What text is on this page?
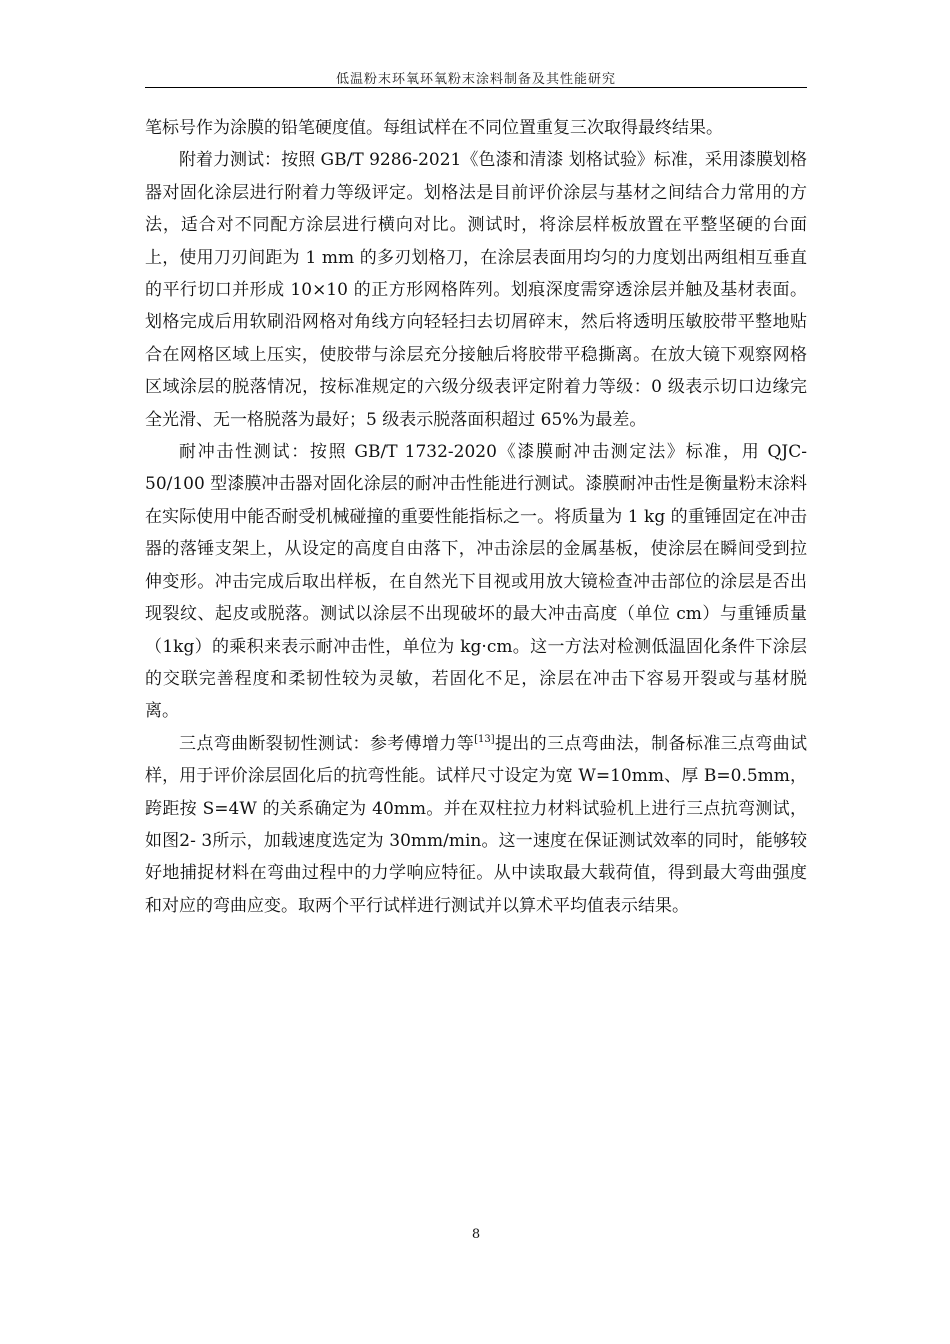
低温粉末环氧环氧粉末涂料制备及其性能研究

笔标号作为涂膜的铅笔硬度值。每组试样在不同位置重复三次取得最终结果。

附着力测试：按照 GB/T 9286-2021《色漆和清漆 划格试验》标准，采用漆膜划格器对固化涂层进行附着力等级评定。划格法是目前评价涂层与基材之间结合力常用的方法，适合对不同配方涂层进行横向对比。测试时，将涂层样板放置在平整坚硬的台面上，使用刀刃间距为 1 mm 的多刃划格刀，在涂层表面用均匀的力度划出两组相互垂直的平行切口并形成 10×10 的正方形网格阵列。划痕深度需穿透涂层并触及基材表面。划格完成后用软刷沿网格对角线方向轻轻扫去切屑碎末，然后将透明压敏胶带平整地贴合在网格区域上压实，使胶带与涂层充分接触后将胶带平稳撕离。在放大镜下观察网格区域涂层的脱落情况，按标准规定的六级分级表评定附着力等级：0 级表示切口边缘完全光滑、无一格脱落为最好；5 级表示脱落面积超过 65%为最差。

耐冲击性测试：按照 GB/T 1732-2020《漆膜耐冲击测定法》标准，用 QJC-50/100 型漆膜冲击器对固化涂层的耐冲击性能进行测试。漆膜耐冲击性是衡量粉末涂料在实际使用中能否耐受机械碰撞的重要性能指标之一。将质量为 1 kg 的重锤固定在冲击器的落锤支架上，从设定的高度自由落下，冲击涂层的金属基板，使涂层在瞬间受到拉伸变形。冲击完成后取出样板，在自然光下目视或用放大镜检查冲击部位的涂层是否出现裂纹、起皮或脱落。测试以涂层不出现破坏的最大冲击高度（单位 cm）与重锤质量（1kg）的乘积来表示耐冲击性，单位为 kg·cm。这一方法对检测低温固化条件下涂层的交联完善程度和柔韧性较为灵敏，若固化不足，涂层在冲击下容易开裂或与基材脱离。

三点弯曲断裂韧性测试：参考傅增力等[13]提出的三点弯曲法，制备标准三点弯曲试样，用于评价涂层固化后的抗弯性能。试样尺寸设定为宽 W=10mm、厚 B=0.5mm，跨距按 S=4W 的关系确定为 40mm。并在双柱拉力材料试验机上进行三点抗弯测试，如图2- 3所示，加载速度选定为 30mm/min。这一速度在保证测试效率的同时，能够较好地捕捉材料在弯曲过程中的力学响应特征。从中读取最大载荷值，得到最大弯曲强度和对应的弯曲应变。取两个平行试样进行测试并以算术平均值表示结果。

8
